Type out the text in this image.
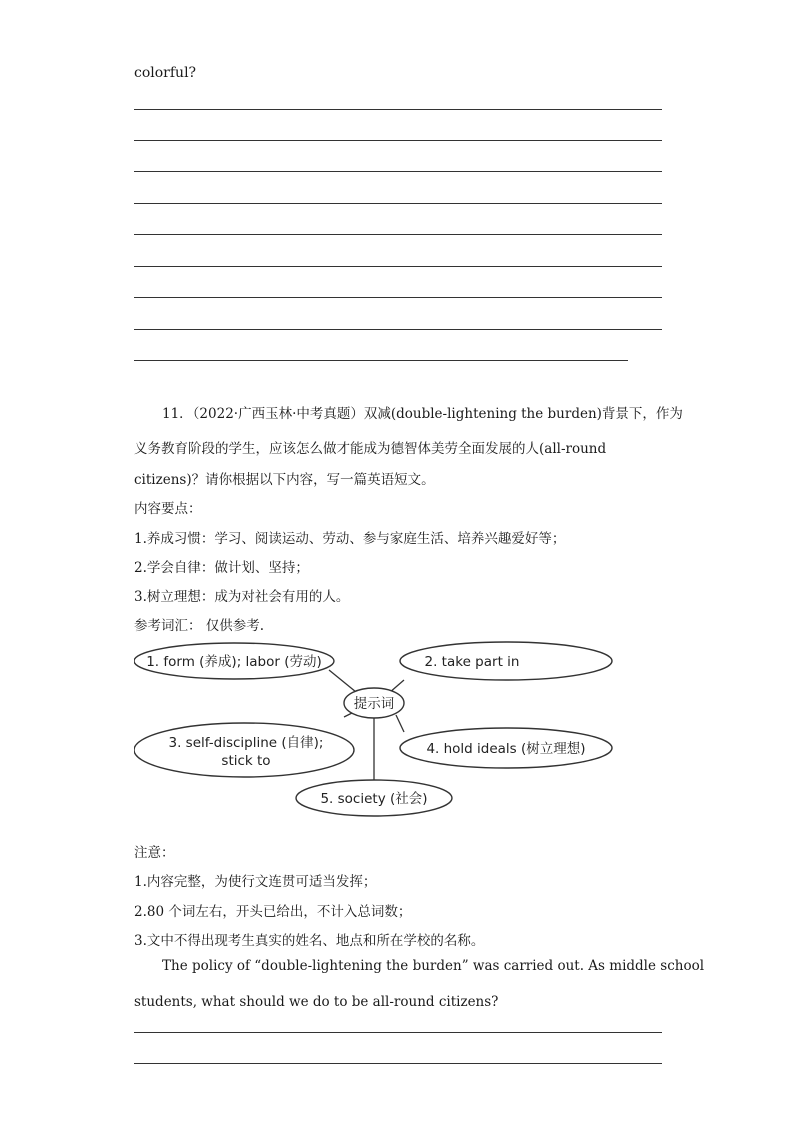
colorful?
11．（2022·广西玉林·中考真题）双减(double-lightening the burden)背景下，作为
义务教育阶段的学生，应该怎么做才能成为德智体美劳全面发展的人(all-round
citizens)？请你根据以下内容，写一篇英语短文。
内容要点：
1.养成习惯：学习、阅读运动、劳动、参与家庭生活、培养兴趣爱好等；
2.学会自律：做计划、坚持；
3.树立理想：成为对社会有用的人。
参考词汇： 仅供参考.
1. form (养成); labor (劳动)	2. take part in
提示词
3. self-discipline (自律);
stick to
4. hold ideals (树立理想)
5. society (社会)
注意：
1.内容完整，为使行文连贯可适当发挥；
2.80 个词左右，开头已给出，不计入总词数；
3.文中不得出现考生真实的姓名、地点和所在学校的名称。
The policy of “double-lightening the burden” was carried out. As middle school
students, what should we do to be all-round citizens?
